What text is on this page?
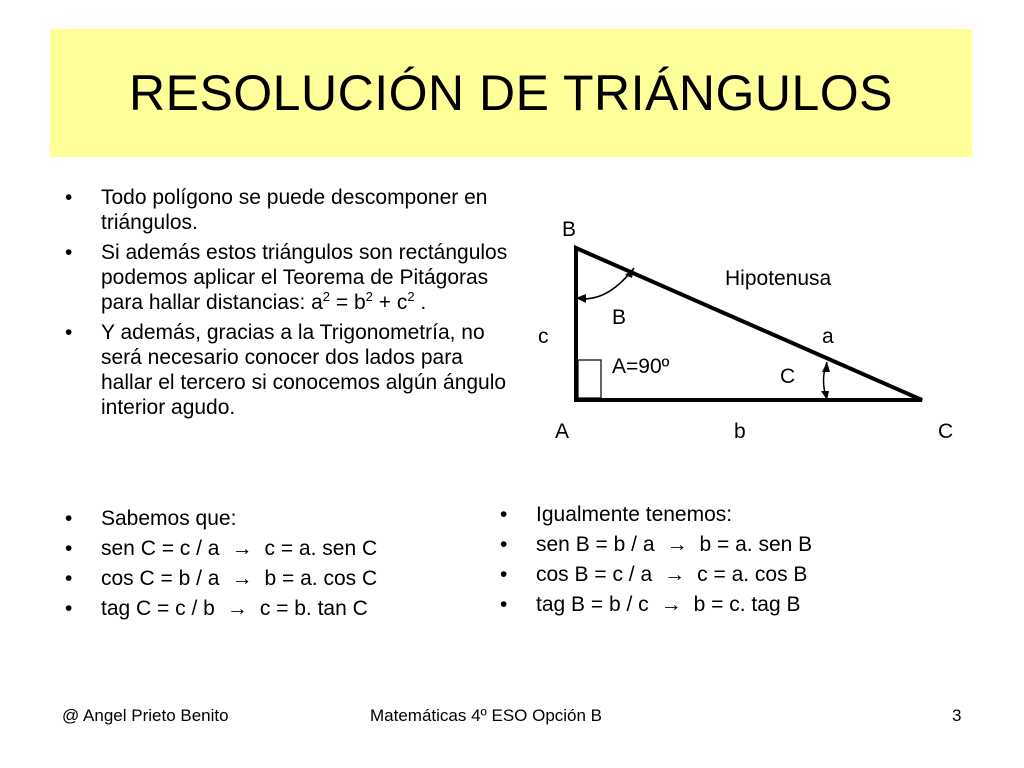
RESOLUCIÓN DE TRIÁNGULOS
• Todo polígono se puede descomponer en triángulos.
• Si además estos triángulos son rectángulos podemos aplicar el Teorema de Pitágoras para hallar distancias: $a^2 = b^2 + c^2$ .
• Y además, gracias a la Trigonometría, no será necesario conocer dos lados para hallar el tercero si conocemos algún ángulo interior agudo.
• Sabemos que:
• sen C = c / a → c = a. sen C
• cos C = b / a → b = a. cos C
• tag C = c / b → c = b. tan C
• Igualmente tenemos:
• sen B = b / a → b = a. sen B
• cos B = c / a → c = a. cos B
• tag B = b / c → b = c. tag B
B
A	C
c	a
b
Hipotenusa
B
A=90º	C
@ Angel Prieto Benito	Matemáticas 4º ESO Opción B	3
